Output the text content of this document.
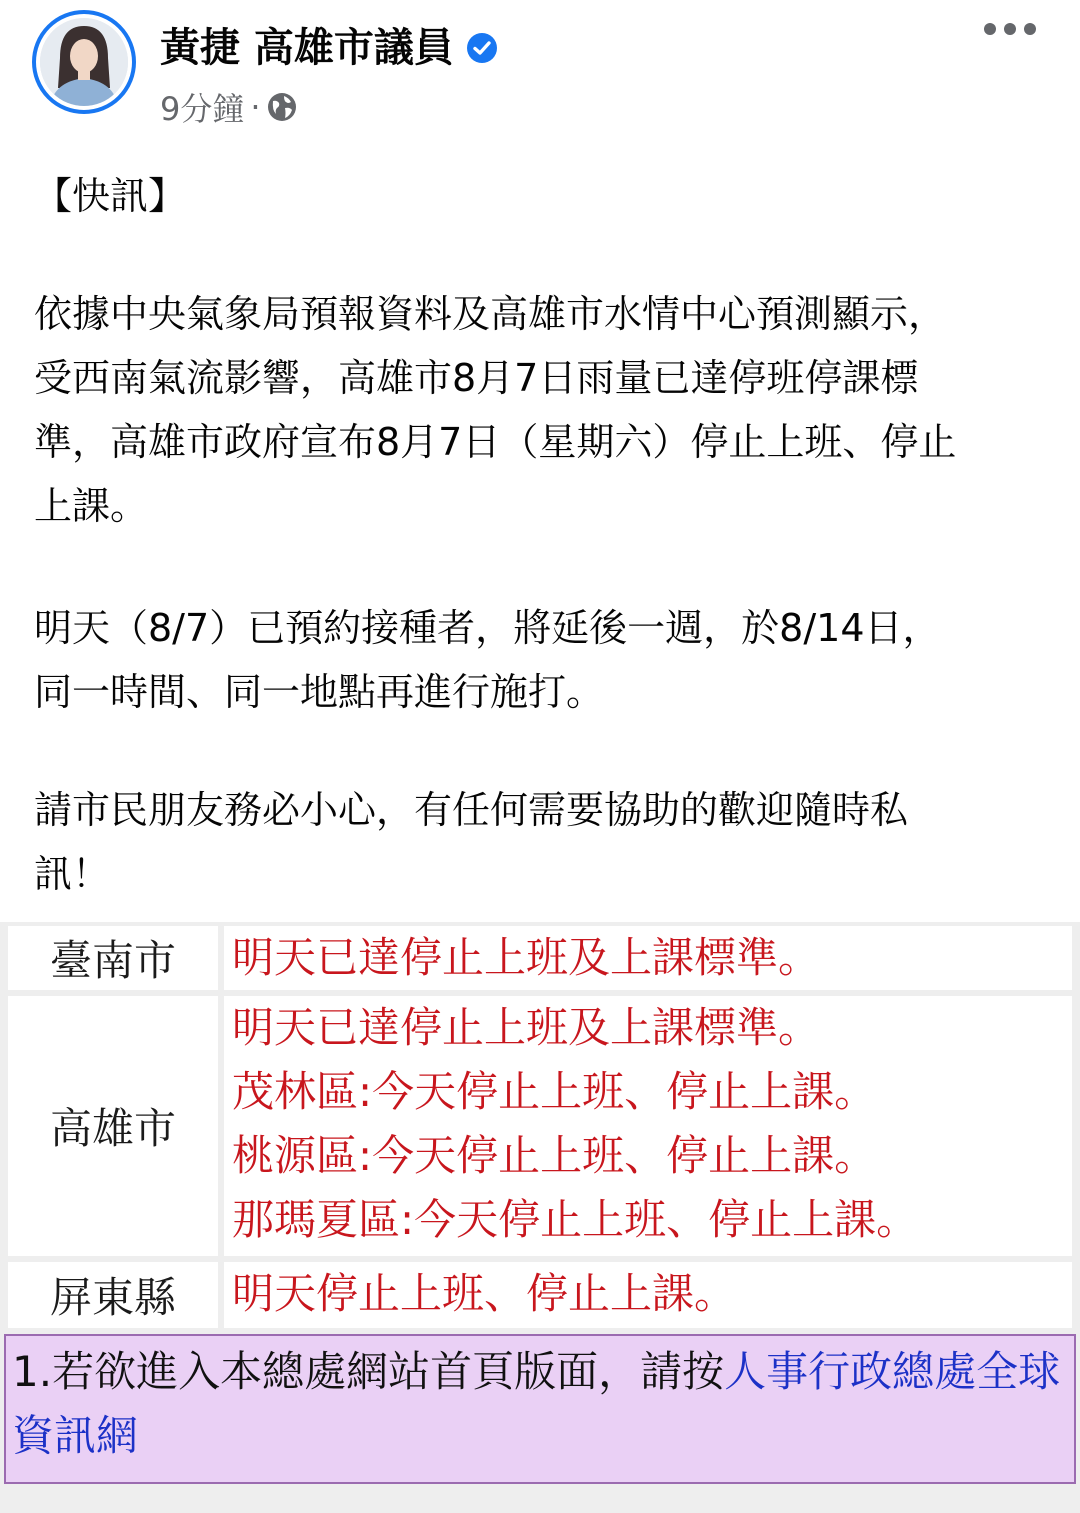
黃捷 高雄市議員
9分鐘 ·
【快訊】
依據中央氣象局預報資料及高雄市水情中心預測顯示，
受西南氣流影響，高雄市8月7日雨量已達停班停課標
準，高雄市政府宣布8月7日（星期六）停止上班、停止
上課。
明天（8/7）已預約接種者，將延後一週，於8/14日，
同一時間、同一地點再進行施打。
請市民朋友務必小心，有任何需要協助的歡迎隨時私
訊！
臺南市 明天已達停止上班及上課標準。
高雄市
明天已達停止上班及上課標準。
茂林區:今天停止上班、停止上課。
桃源區:今天停止上班、停止上課。
那瑪夏區:今天停止上班、停止上課。
屏東縣 明天停止上班、停止上課。
1.若欲進入本總處網站首頁版面，請按人事行政總處全球資訊網
